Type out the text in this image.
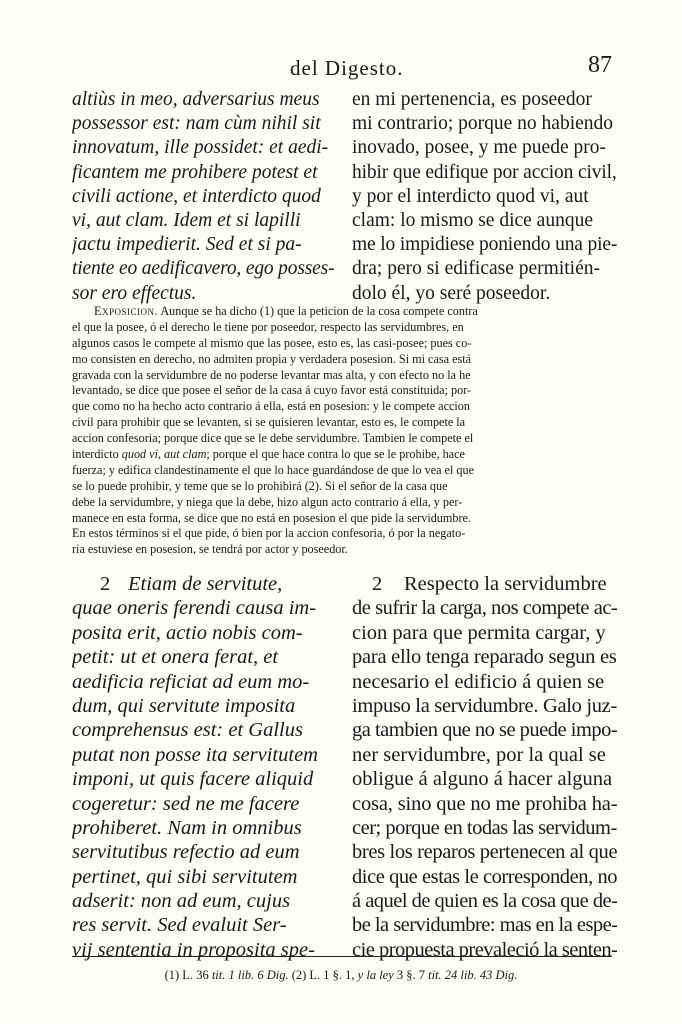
del Digesto.	87
altiùs in meo, adversarius meus
possessor est: nam cùm nihil sit
innovatum, ille possidet: et aedi-
ficantem me prohibere potest et
civili actione, et interdicto quod
vi, aut clam. Idem et si lapilli
jactu impedierit. Sed et si pa-
tiente eo aedificavero, ego posses-
sor ero effectus.
en mi pertenencia, es poseedor
mi contrario; porque no habiendo
inovado, posee, y me puede pro-
hibir que edifique por accion civil,
y por el interdicto quod vi, aut
clam: lo mismo se dice aunque
me lo impidiese poniendo una pie-
dra; pero si edificase permitién-
dolo él, yo seré poseedor.
Exposicion. Aunque se ha dicho (1) que la peticion de la cosa compete contra
el que la posee, ó el derecho le tiene por poseedor, respecto las servidumbres, en
algunos casos le compete al mismo que las posee, esto es, las casi-posee; pues co-
mo consisten en derecho, no admiten propia y verdadera posesion. Si mi casa está
gravada con la servidumbre de no poderse levantar mas alta, y con efecto no la he
levantado, se dice que posee el señor de la casa á cuyo favor está constituida; por-
que como no ha hecho acto contrario á ella, está en posesion: y le compete accion
civil para prohibir que se levanten, si se quisieren levantar, esto es, le compete la
accion confesoria; porque dice que se le debe servidumbre. Tambien le compete el
interdicto quod vi, aut clam; porque el que hace contra lo que se le prohibe, hace
fuerza; y edifica clandestinamente el que lo hace guardándose de que lo vea el que
se lo puede prohibir, y teme que se lo prohibirá (2). Si el señor de la casa que
debe la servidumbre, y niega que la debe, hizo algun acto contrario á ella, y per-
manece en esta forma, se dice que no está en posesion el que pide la servidumbre.
En estos términos si el que pide, ó bien por la accion confesoria, ó por la negato-
ria estuviese en posesion, se tendrá por actor y poseedor.
2 Etiam de servitute,
quae oneris ferendi causa im-
posita erit, actio nobis com-
petit: ut et onera ferat, et
aedificia reficiat ad eum mo-
dum, qui servitute imposita
comprehensus est: et Gallus
putat non posse ita servitutem
imponi, ut quis facere aliquid
cogeretur: sed ne me facere
prohiberet. Nam in omnibus
servitutibus refectio ad eum
pertinet, qui sibi servitutem
adserit: non ad eum, cujus
res servit. Sed evaluit Ser-
vij sententia in proposita spe-
2 Respecto la servidumbre
de sufrir la carga, nos compete ac-
cion para que permita cargar, y
para ello tenga reparado segun es
necesario el edificio á quien se
impuso la servidumbre. Galo juz-
ga tambien que no se puede impo-
ner servidumbre, por la qual se
obligue á alguno á hacer alguna
cosa, sino que no me prohiba ha-
cer; porque en todas las servidum-
bres los reparos pertenecen al que
dice que estas le corresponden, no
á aquel de quien es la cosa que de-
be la servidumbre: mas en la espe-
cie propuesta prevaleció la senten-
(1) L. 36 tit. 1 lib. 6 Dig. (2) L. 1 §. 1, y la ley 3 §. 7 tit. 24 lib. 43 Dig.
